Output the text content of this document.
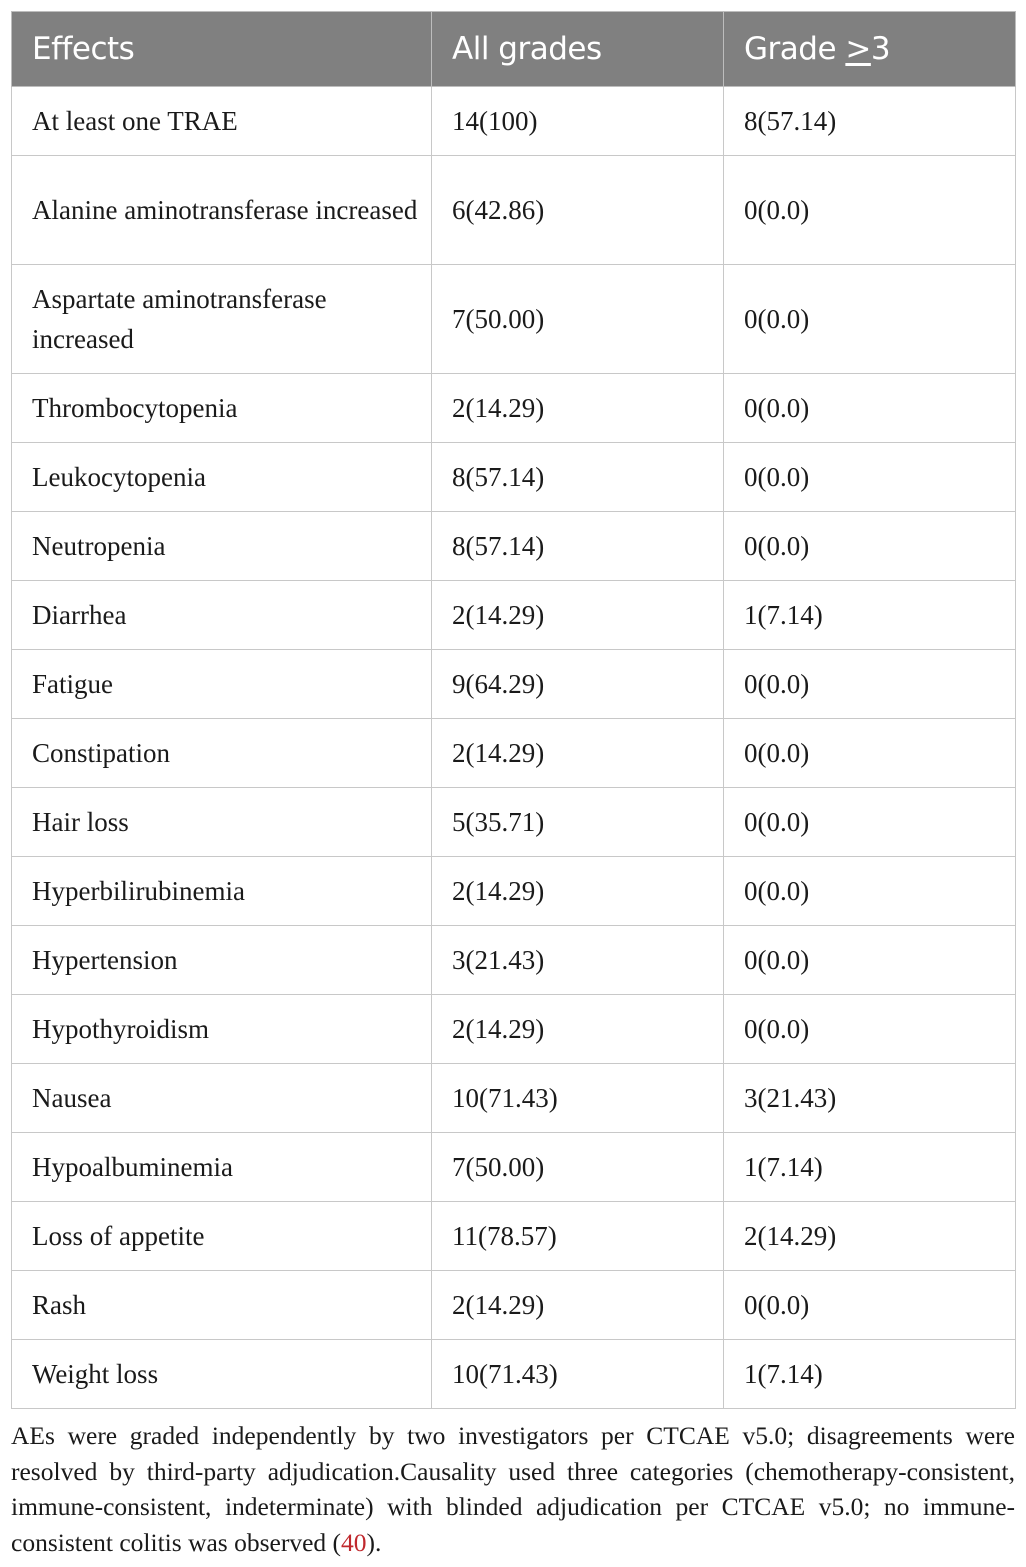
Effects	All grades	Grade ≥3
At least one TRAE	14(100)	8(57.14)
Alanine aminotransferase increased	6(42.86)	0(0.0)
Aspartate aminotransferase increased	7(50.00)	0(0.0)
Thrombocytopenia	2(14.29)	0(0.0)
Leukocytopenia	8(57.14)	0(0.0)
Neutropenia	8(57.14)	0(0.0)
Diarrhea	2(14.29)	1(7.14)
Fatigue	9(64.29)	0(0.0)
Constipation	2(14.29)	0(0.0)
Hair loss	5(35.71)	0(0.0)
Hyperbilirubinemia	2(14.29)	0(0.0)
Hypertension	3(21.43)	0(0.0)
Hypothyroidism	2(14.29)	0(0.0)
Nausea	10(71.43)	3(21.43)
Hypoalbuminemia	7(50.00)	1(7.14)
Loss of appetite	11(78.57)	2(14.29)
Rash	2(14.29)	0(0.0)
Weight loss	10(71.43)	1(7.14)
AEs were graded independently by two investigators per CTCAE v5.0; disagreements were resolved by third-party adjudication.Causality used three categories (chemotherapy-consistent, immune-consistent, indeterminate) with blinded adjudication per CTCAE v5.0; no immune-consistent colitis was observed (40).
